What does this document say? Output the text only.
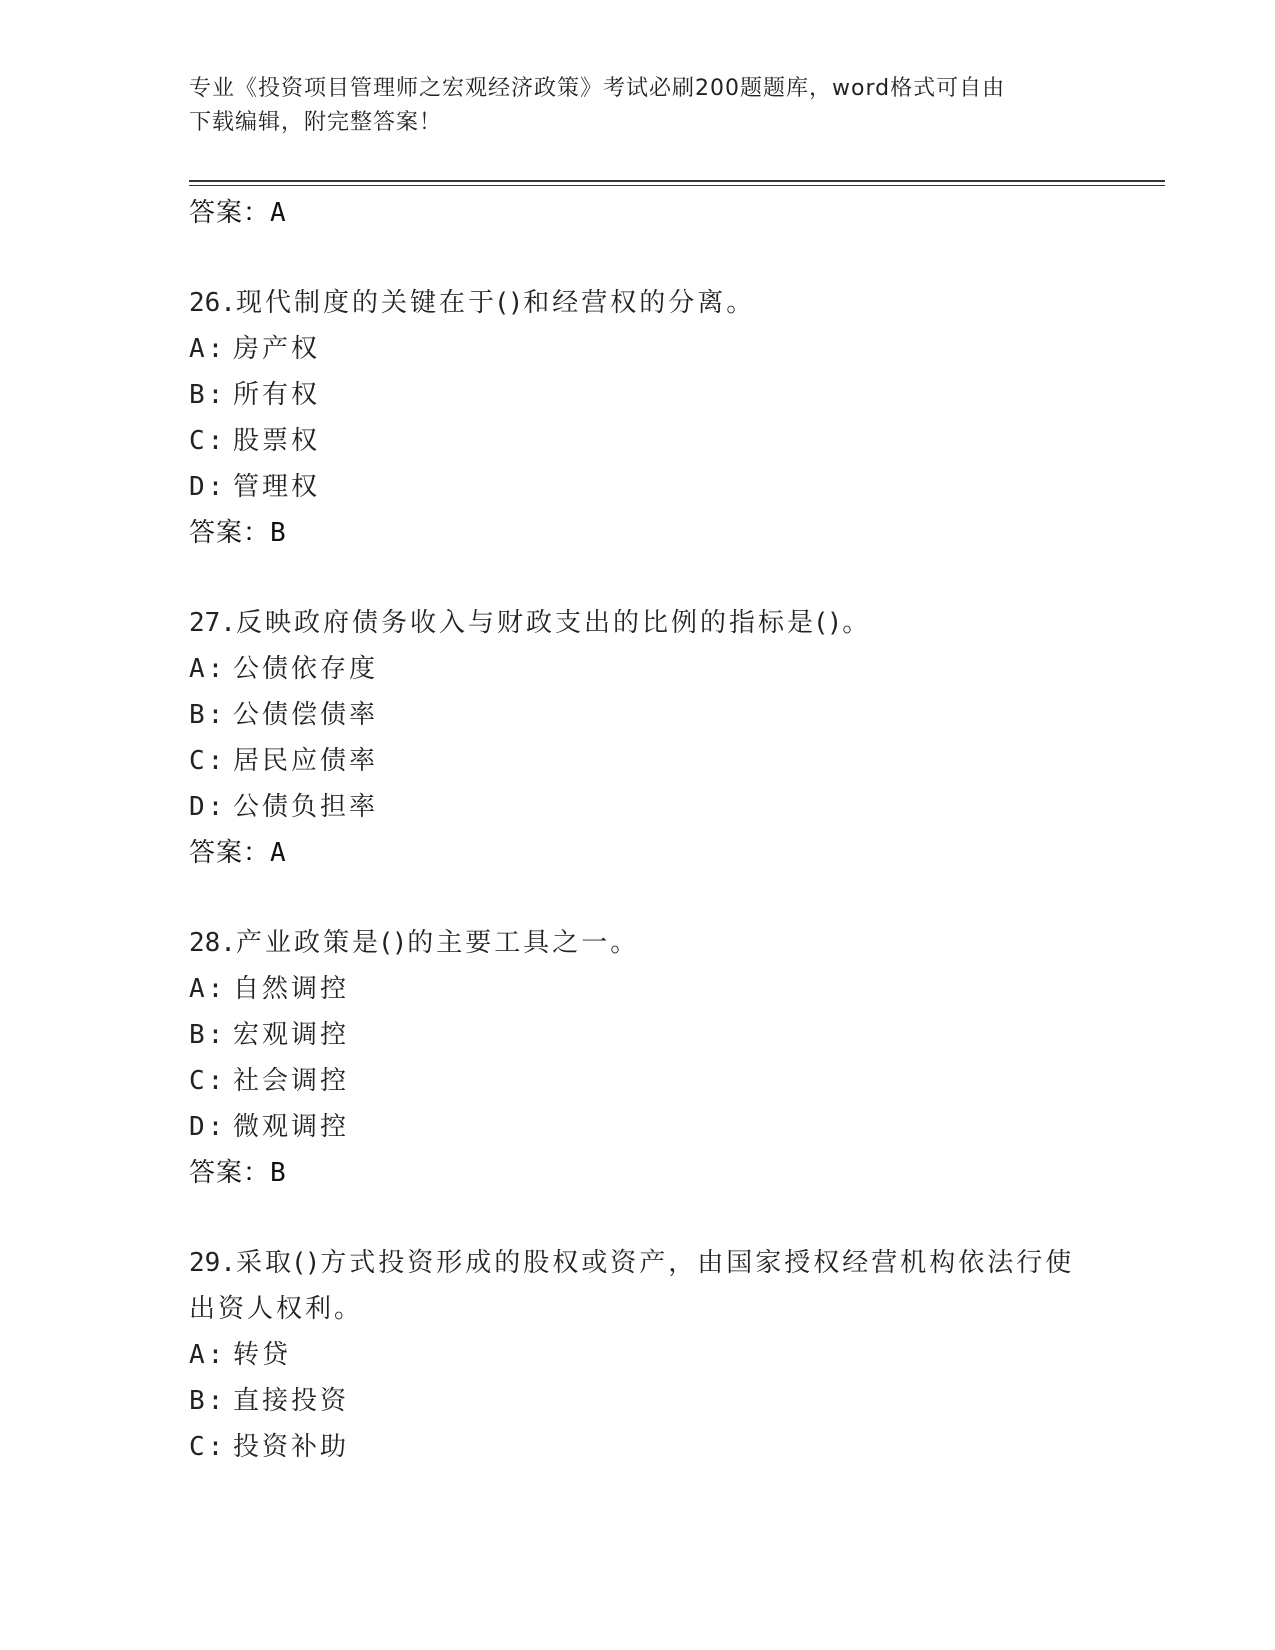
专业《投资项目管理师之宏观经济政策》考试必刷200题题库，word格式可自由
下载编辑，附完整答案！
答案：A
26.现代制度的关键在于()和经营权的分离。
A: 房产权
B: 所有权
C: 股票权
D: 管理权
答案：B
27.反映政府债务收入与财政支出的比例的指标是()。
A: 公债依存度
B: 公债偿债率
C: 居民应债率
D: 公债负担率
答案：A
28.产业政策是()的主要工具之一。
A: 自然调控
B: 宏观调控
C: 社会调控
D: 微观调控
答案：B
29.采取()方式投资形成的股权或资产，由国家授权经营机构依法行使
出资人权利。
A: 转贷
B: 直接投资
C: 投资补助
